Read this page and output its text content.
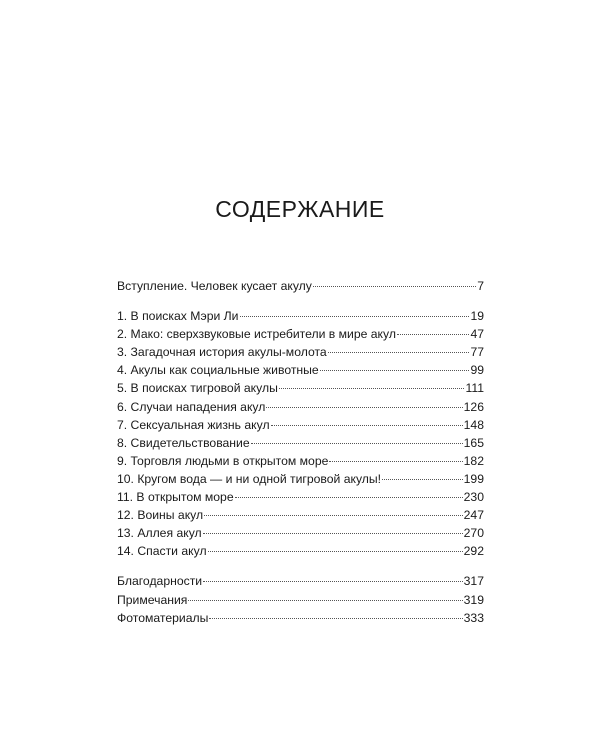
СОДЕРЖАНИЕ
Вступление. Человек кусает акулу	7
1. В поисках Мэри Ли	19
2. Мако: сверхзвуковые истребители в мире акул	47
3. Загадочная история акулы-молота	77
4. Акулы как социальные животные	99
5. В поисках тигровой акулы	111
6. Случаи нападения акул	126
7. Сексуальная жизнь акул	148
8. Свидетельствование	165
9. Торговля людьми в открытом море	182
10. Кругом вода — и ни одной тигровой акулы!	199
11. В открытом море	230
12. Воины акул	247
13. Аллея акул	270
14. Спасти акул	292
Благодарности	317
Примечания	319
Фотоматериалы	333
